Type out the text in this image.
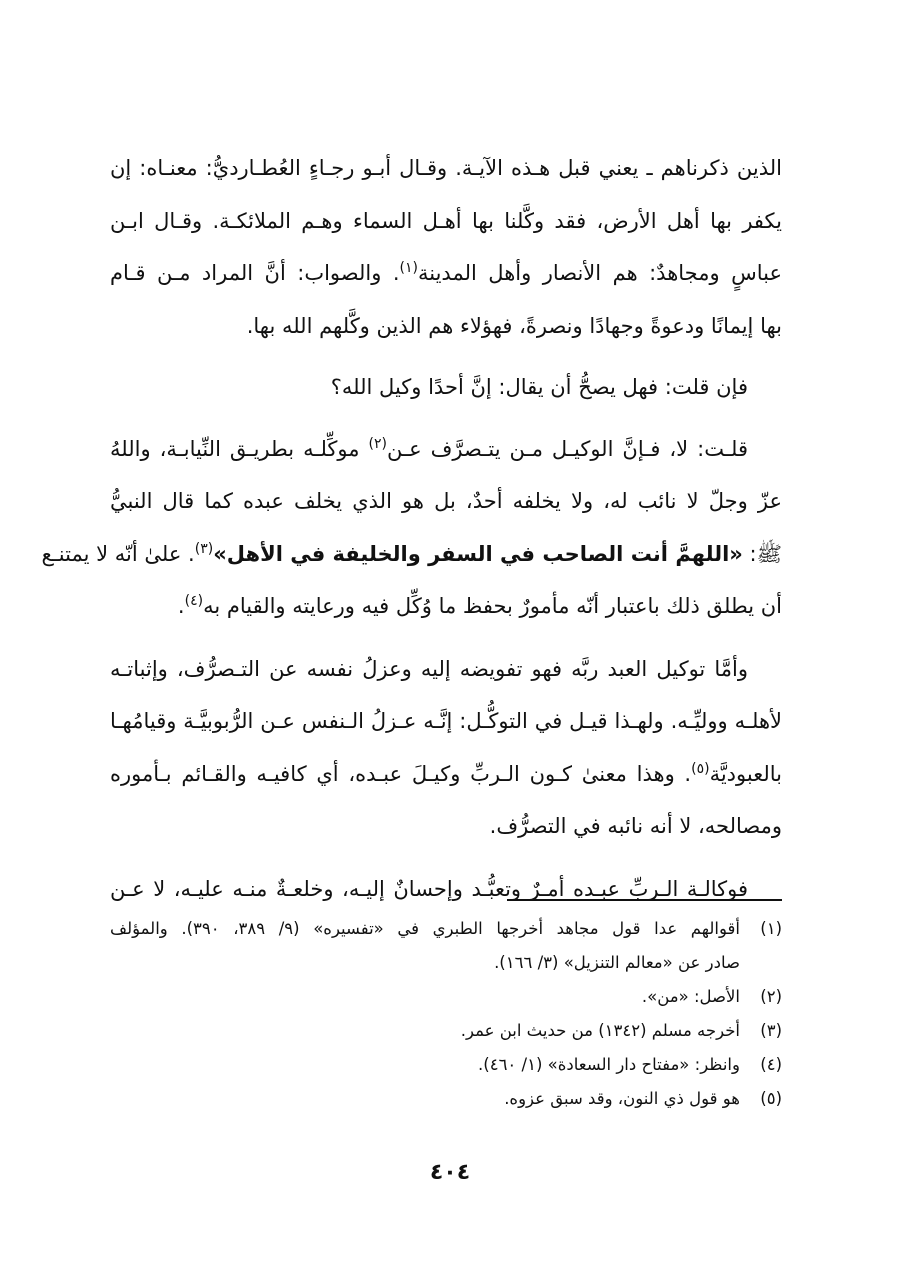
الذين ذكرناهم ـ يعني قبل هـذه الآيـة. وقـال أبـو رجـاءٍ العُطـارديُّ: معنـاه: إن
يكفر بها أهل الأرض، فقد وكَّلنا بها أهـل السماء وهـم الملائكـة. وقـال ابـن
عباسٍ ومجاهدٌ: هم الأنصار وأهل المدينة$^{(١)}$. والصواب: أنَّ المراد مـن قـام
بها إيمانًا ودعوةً وجهادًا ونصرةً، فهؤلاء هم الذين وكَّلهم الله بها.

فإن قلت: فهل يصحُّ أن يقال: إنَّ أحدًا وكيل الله؟

قلـت: لا، فـإنَّ الوكيـل مـن يتـصرَّف عـن$^{(٢)}$ موكِّلـه بطريـق النِّيابـة، واللهُ
عزّ وجلّ لا نائب له، ولا يخلفه أحدٌ، بل هو الذي يخلف عبده كما قال النبيُّ
ﷺ: «اللهمَّ أنت الصاحب في السفر والخليفة في الأهل»$^{(٣)}$. علىٰ أنّه لا يمتنـع
أن يطلق ذلك باعتبار أنّه مأمورٌ بحفظ ما وُكِّل فيه ورعايته والقيام به$^{(٤)}$.

وأمَّا توكيل العبد ربَّه فهو تفويضه إليه وعزلُ نفسه عن التـصرُّف، وإثباتـه
لأهلـه ووليِّـه. ولهـذا قيـل في التوكُّـل: إنَّـه عـزلُ الـنفس عـن الرُّبوبيَّـة وقيامُهـا
بالعبوديَّة$^{(٥)}$. وهذا معنىٰ كـون الـربِّ وكيـلَ عبـده، أي كافيـه والقـائم بـأموره
ومصالحه، لا أنه نائبه في التصرُّف.

فوكالـة الـربِّ عبـده أمـرٌ وتعبُّـد وإحسانٌ إليـه، وخلعـةٌ منـه عليـه، لا عـن

(١)
أقوالهم عدا قول مجاهد أخرجها الطبري في «تفسيره» (٩/ ٣٨٩، ٣٩٠). والمؤلف
صادر عن «معالم التنزيل» (٣/ ١٦٦).
(٢)
الأصل: «من».
(٣)
أخرجه مسلم (١٣٤٢) من حديث ابن عمر.
(٤)
وانظر: «مفتاح دار السعادة» (١/ ٤٦٠).
(٥)
هو قول ذي النون، وقد سبق عزوه.
٤٠٤
